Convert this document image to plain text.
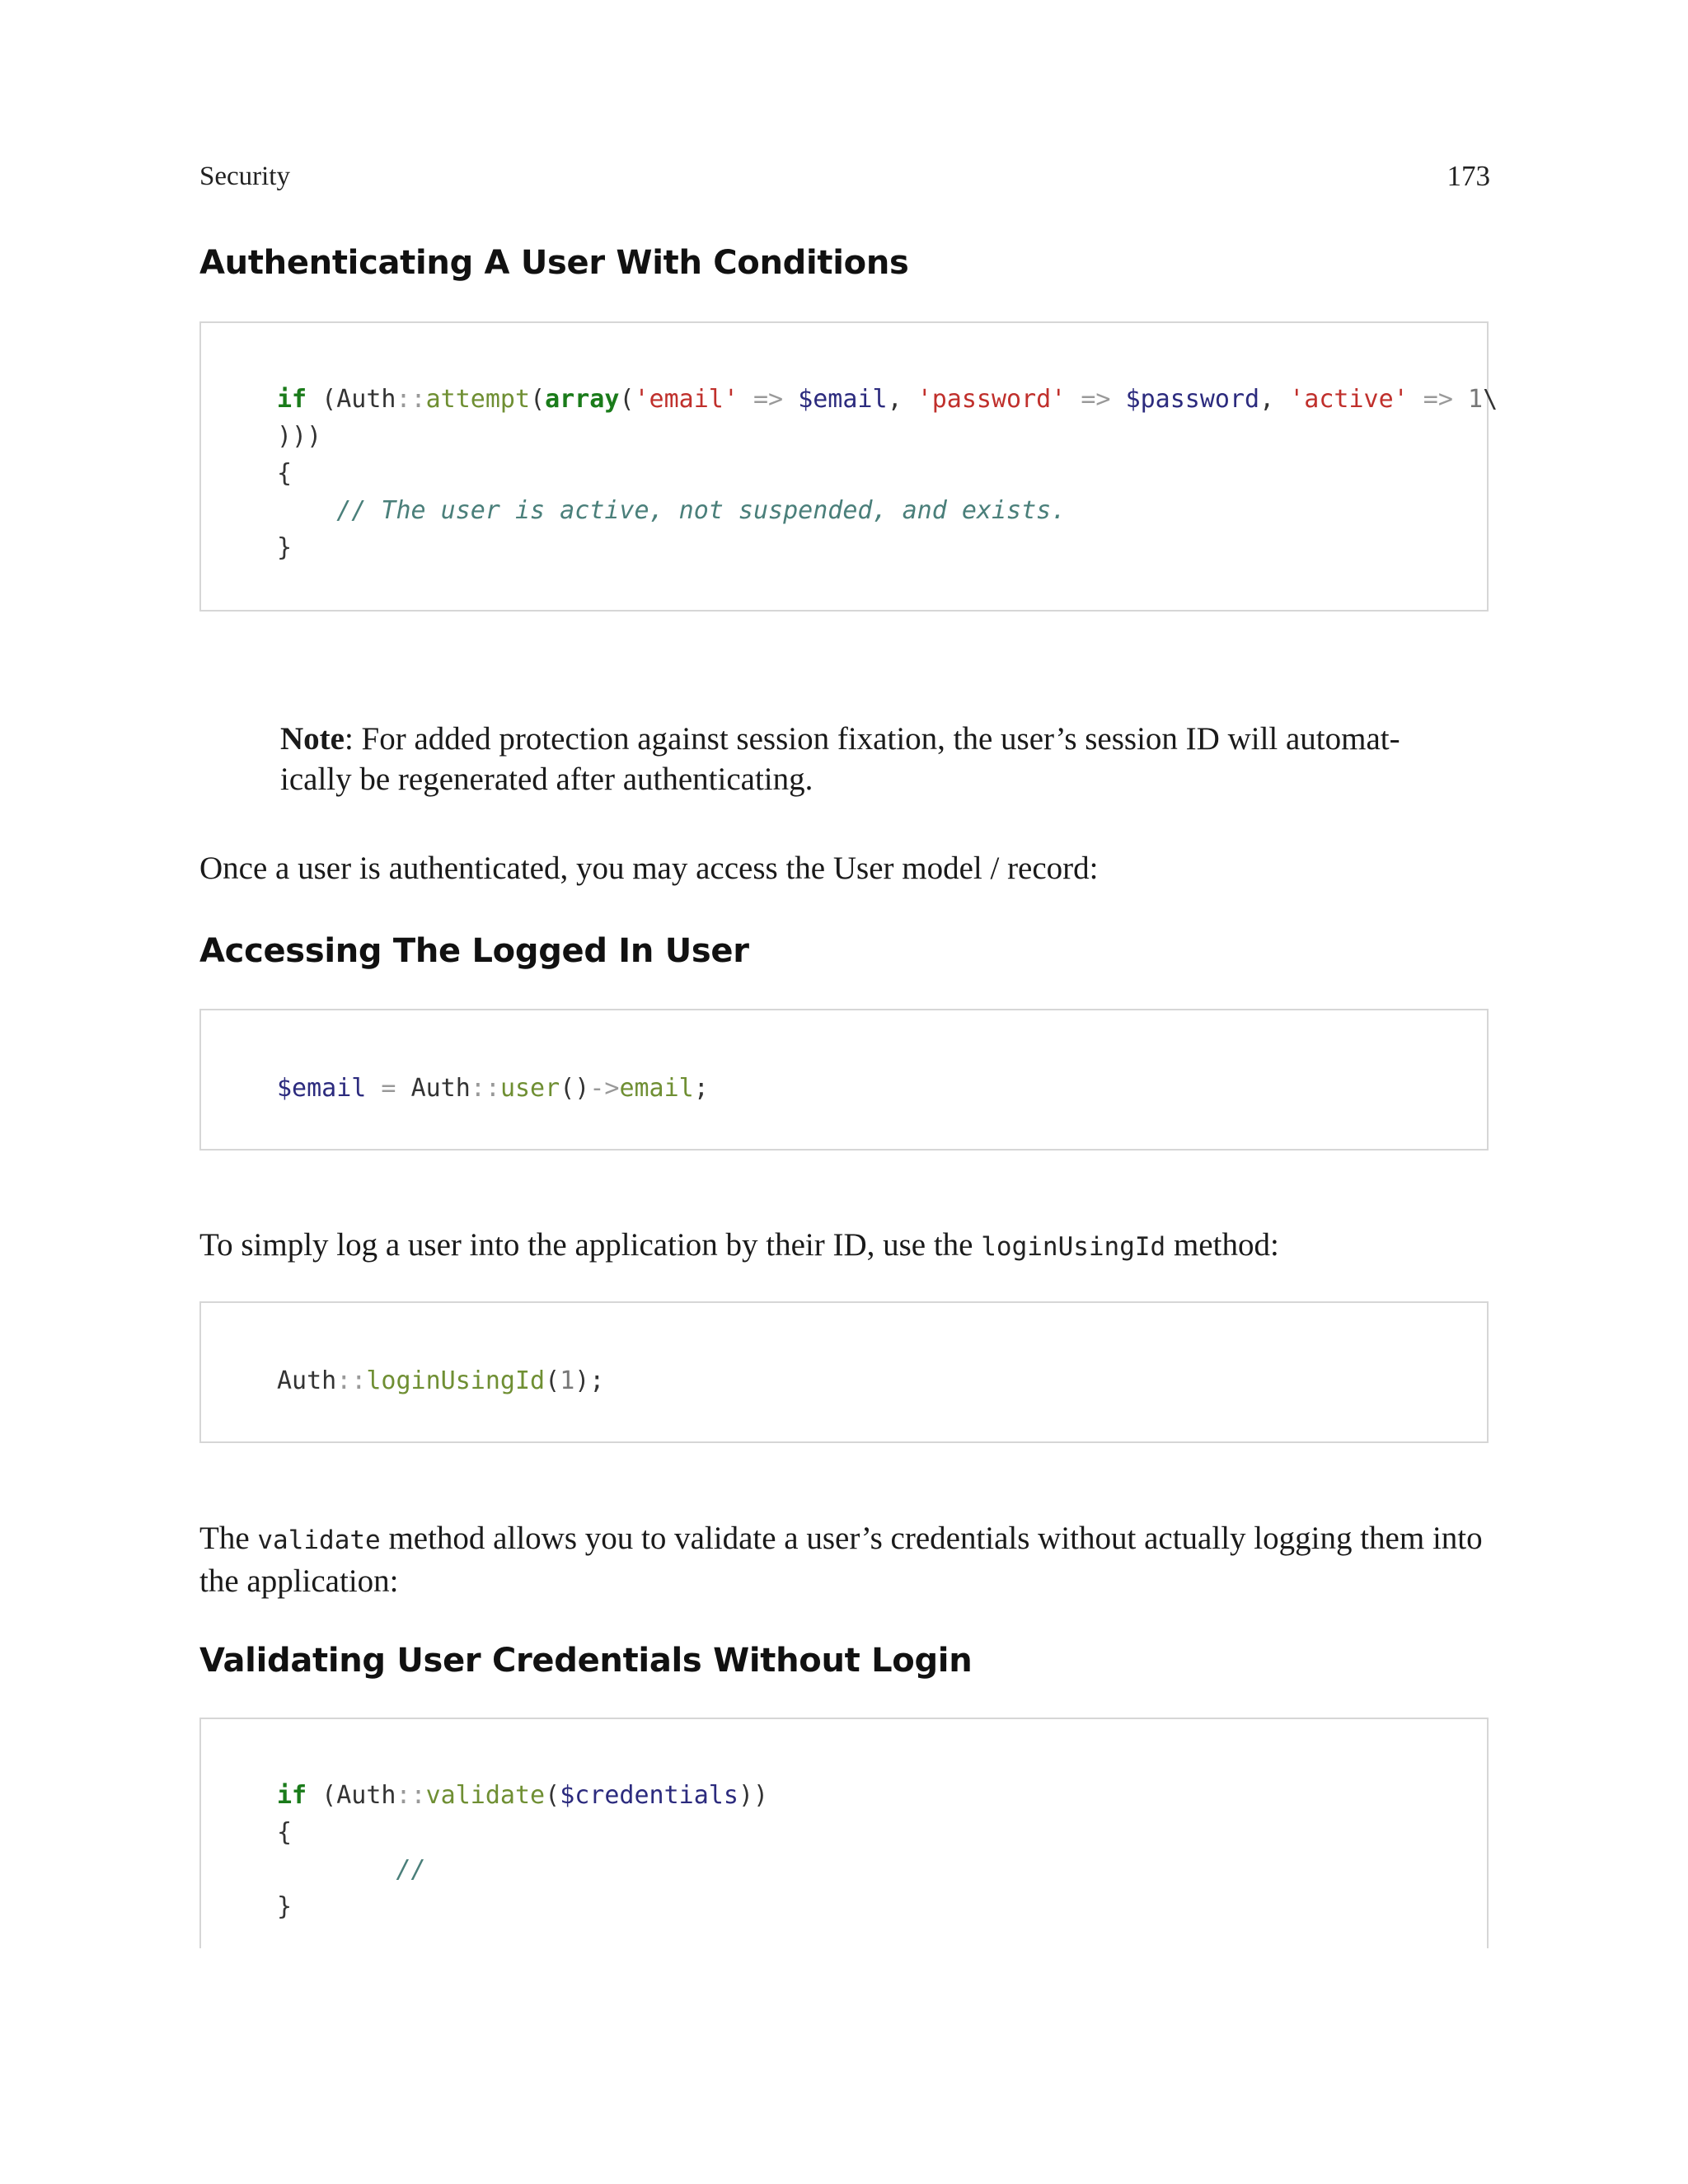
Security	173
Authenticating A User With Conditions
if (Auth::attempt(array('email' => $email, 'password' => $password, 'active' => 1\
)))
{
// The user is active, not suspended, and exists.
}

Note: For added protection against session fixation, the user’s session ID will automat-ically be regenerated after authenticating.

Once a user is authenticated, you may access the User model / record:

Accessing The Logged In User
$email = Auth::user()->email;

To simply log a user into the application by their ID, use the loginUsingId method:

Auth::loginUsingId(1);

The validate method allows you to validate a user’s credentials without actually logging them into the application:

Validating User Credentials Without Login
if (Auth::validate($credentials))
{
//
}
